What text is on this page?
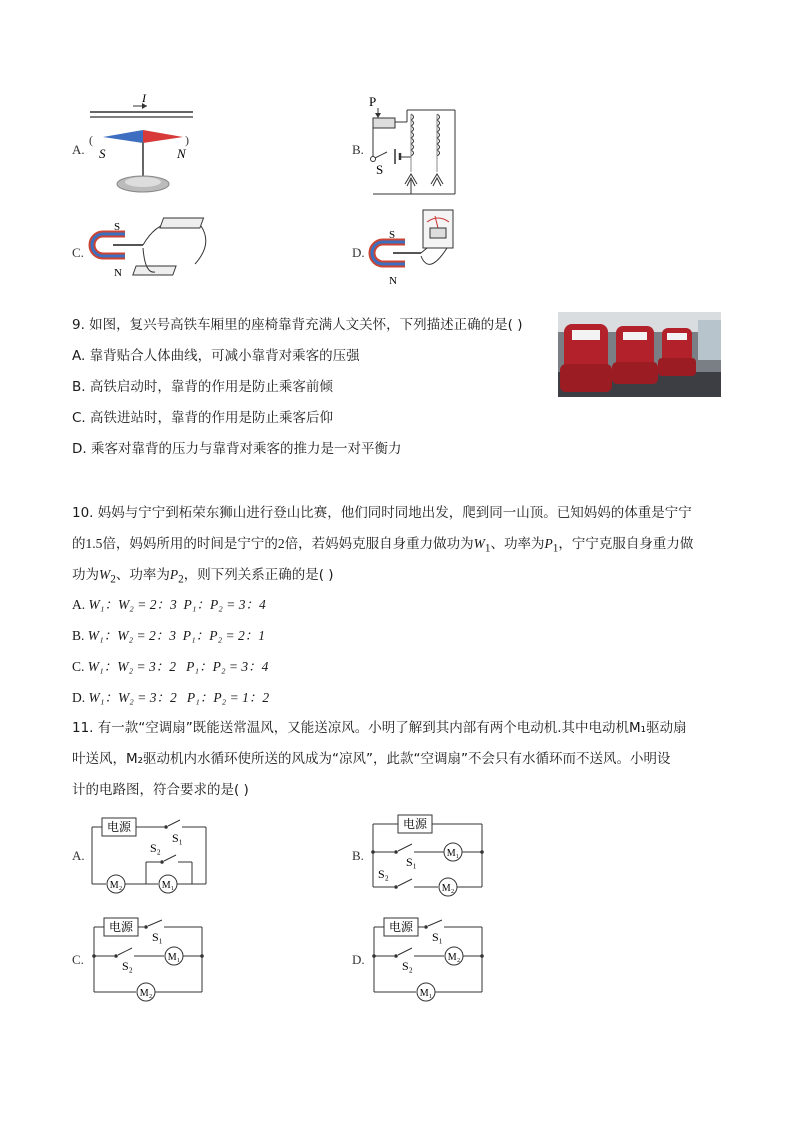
A.
I
(	)
S	N	B.
P
S
C.
S
N
D.
S
N
9. 如图，复兴号高铁车厢里的座椅靠背充满人文关怀，下列描述正确的是( )
A. 靠背贴合人体曲线，可减小靠背对乘客的压强
B. 高铁启动时，靠背的作用是防止乘客前倾
C. 高铁进站时，靠背的作用是防止乘客后仰
D. 乘客对靠背的压力与靠背对乘客的推力是一对平衡力
10. 妈妈与宁宁到柘荣东狮山进行登山比赛，他们同时同地出发，爬到同一山顶。已知妈妈的体重是宁宁
的1.5倍，妈妈所用的时间是宁宁的2倍，若妈妈克服自身重力做功为$W_1$、功率为$P_1$，宁宁克服自身重力做
功为$W_2$、功率为$P_2$，则下列关系正确的是( )
A. W₁：W₂ = 2：3 P₁：P₂ = 3：4
B. W₁：W₂ = 2：3 P₁：P₂ = 2：1
C. W₁：W₂ = 3：2 P₁：P₂ = 3：4
D. W₁：W₂ = 3：2 P₁：P₂ = 1：2
11. 有一款“空调扇”既能送常温风，又能送凉风。小明了解到其内部有两个电动机.其中电动机M₁驱动扇
叶送风，M₂驱动机内水循环使所送的风成为“凉风”，此款“空调扇”不会只有水循环而不送风。小明设
计的电路图，符合要求的是( )
A.
电源
S₁
M₂	M₁
S₂	B.
电源
S₁
M₁
S₂
M₂
C.
电源
S₁
S₂
M₁
M₂
D.
电源
S₁
S₂
M₂
M₁
